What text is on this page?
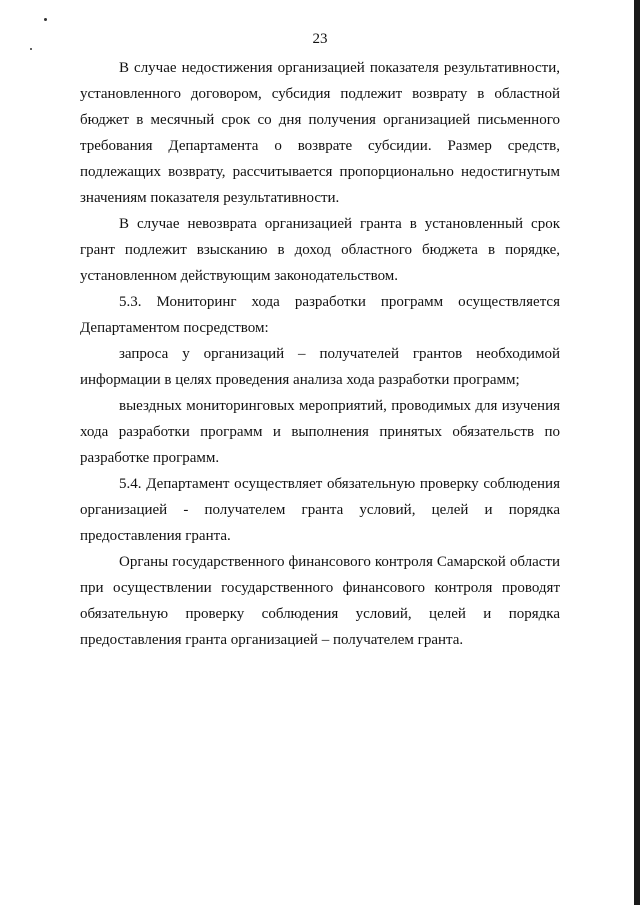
23

В случае недостижения организацией показателя результативности, установленного договором, субсидия подлежит возврату в областной бюджет в месячный срок со дня получения организацией письменного требования Департамента о возврате субсидии. Размер средств, подлежащих возврату, рассчитывается пропорционально недостигнутым значениям показателя результативности.

В случае невозврата организацией гранта в установленный срок грант подлежит взысканию в доход областного бюджета в порядке, установленном действующим законодательством.

5.3. Мониторинг хода разработки программ осуществляется Департаментом посредством:

запроса у организаций – получателей грантов необходимой информации в целях проведения анализа хода разработки программ;

выездных мониторинговых мероприятий, проводимых для изучения хода разработки программ и выполнения принятых обязательств по разработке программ.

5.4. Департамент осуществляет обязательную проверку соблюдения организацией - получателем гранта условий, целей и порядка предоставления гранта.

Органы государственного финансового контроля Самарской области при осуществлении государственного финансового контроля проводят обязательную проверку соблюдения условий, целей и порядка предоставления гранта организацией – получателем гранта.
